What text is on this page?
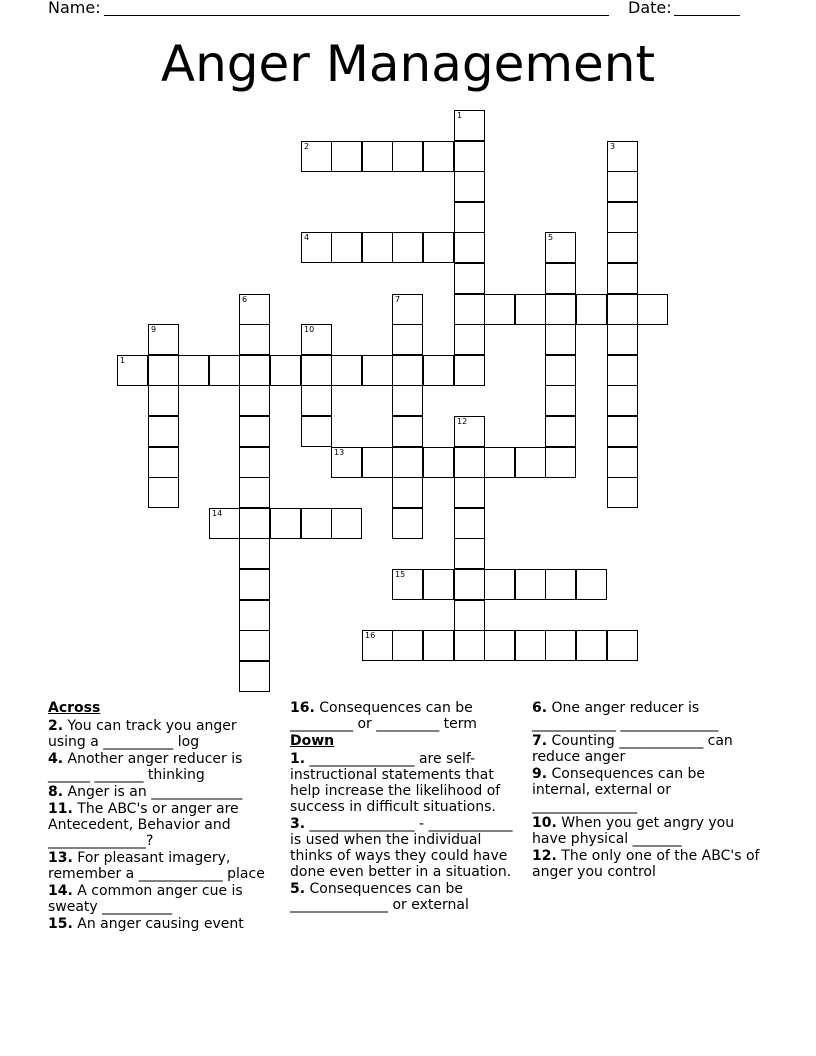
Name:	Date:
Anger Management
1
9
6
10
7
1
2
4	5
3
12
13
14
15
16
Across
2. You can track you anger using a __________ log
4. Another anger reducer is ______ _______ thinking
8. Anger is an _____________
11. The ABC's or anger are Antecedent, Behavior and ______________?
13. For pleasant imagery, remember a ____________ place
14. A common anger cue is sweaty __________
15. An anger causing event
16. Consequences can be _________ or _________ term
Down
1. _______________ are self-instructional statements that help increase the likelihood of success in difficult situations.
3. _______________ - ____________ is used when the individual thinks of ways they could have done even better in a situation.
5. Consequences can be ______________ or external
6. One anger reducer is ____________ ______________
7. Counting ____________ can reduce anger
9. Consequences can be internal, external or _______________
10. When you get angry you have physical _______
12. The only one of the ABC's of anger you control
